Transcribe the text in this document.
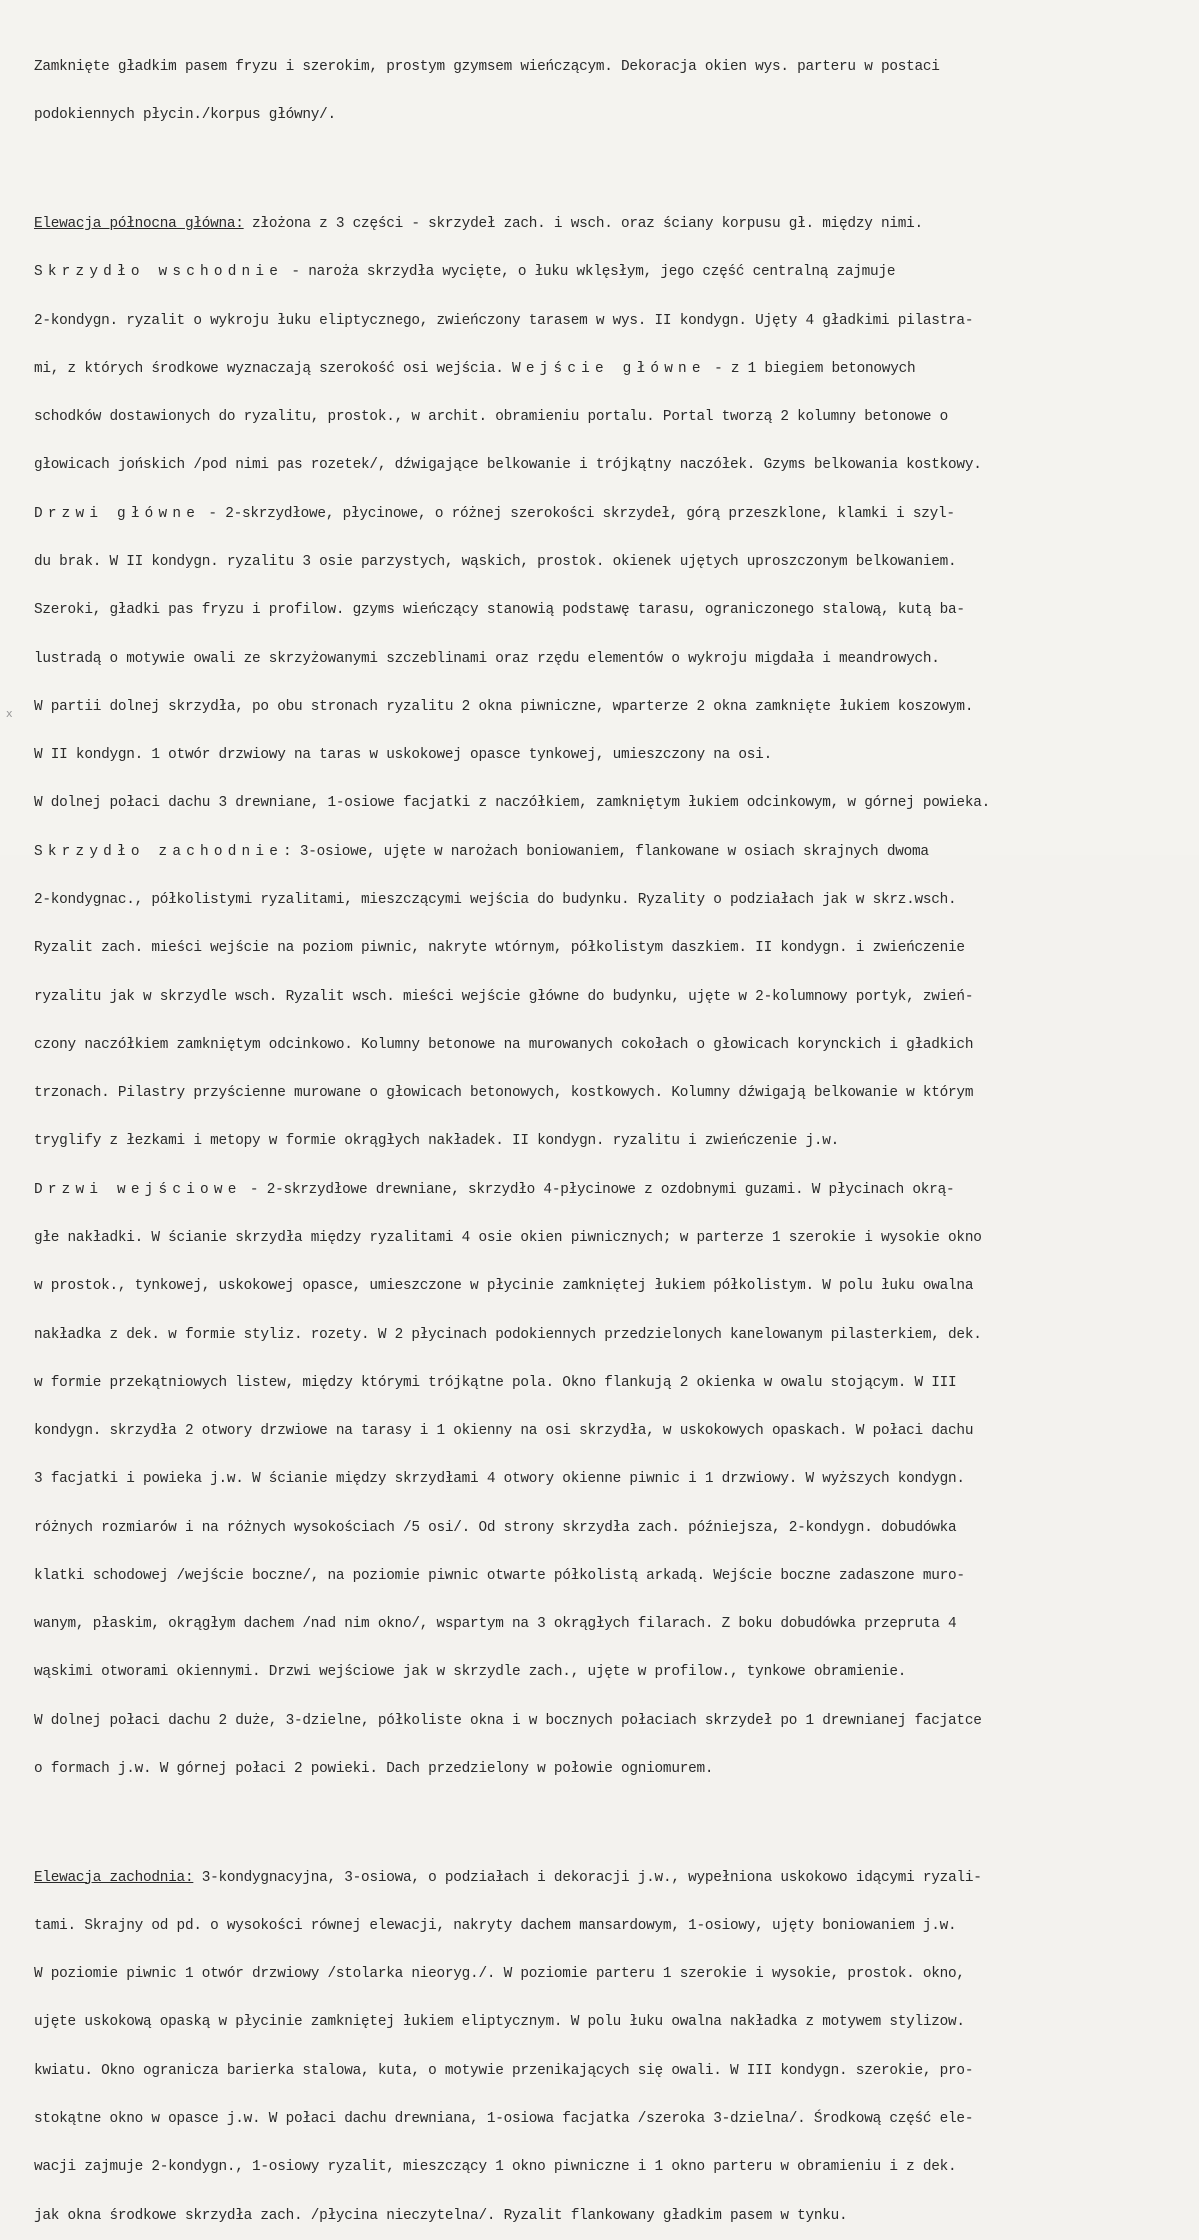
Zamknięte gładkim pasem fryzu i szerokim, prostym gzymsem wieńczącym. Dekoracja okien wys. parteru w postaci

podokiennych płycin./korpus główny/.

Elewacja północna główna: złożona z 3 części - skrzydeł zach. i wsch. oraz ściany korpusu gł. między nimi.

Skrzydło wschodnie - naroża skrzydła wycięte, o łuku wklęsłym, jego część centralną zajmuje

2-kondygn. ryzalit o wykroju łuku eliptycznego, zwieńczony tarasem w wys. II kondygn. Ujęty 4 gładkimi pilastra-

mi, z których środkowe wyznaczają szerokość osi wejścia. Wejście główne - z 1 biegiem betonowych

schodków dostawionych do ryzalitu, prostok., w archit. obramieniu portalu. Portal tworzą 2 kolumny betonowe o

głowicach jońskich /pod nimi pas rozetek/, dźwigające belkowanie i trójkątny naczółek. Gzyms belkowania kostkowy.

Drzwi główne - 2-skrzydłowe, płycinowe, o różnej szerokości skrzydeł, górą przeszklone, klamki i szyl-

du brak. W II kondygn. ryzalitu 3 osie parzystych, wąskich, prostok. okienek ujętych uproszczonym belkowaniem.

Szeroki, gładki pas fryzu i profilow. gzyms wieńczący stanowią podstawę tarasu, ograniczonego stalową, kutą ba-

lustradą o motywie owali ze skrzyżowanymi szczeblinami oraz rzędu elementów o wykroju migdała i meandrowych.

W partii dolnej skrzydła, po obu stronach ryzalitu 2 okna piwniczne, wparterze 2 okna zamknięte łukiem koszowym.

W II kondygn. 1 otwór drzwiowy na taras w uskokowej opasce tynkowej, umieszczony na osi.

W dolnej połaci dachu 3 drewniane, 1-osiowe facjatki z naczółkiem, zamkniętym łukiem odcinkowym, w górnej powieka.

Skrzydło zachodnie: 3-osiowe, ujęte w narożach boniowaniem, flankowane w osiach skrajnych dwoma

2-kondygnac., półkolistymi ryzalitami, mieszczącymi wejścia do budynku. Ryzality o podziałach jak w skrz.wsch.

Ryzalit zach. mieści wejście na poziom piwnic, nakryte wtórnym, półkolistym daszkiem. II kondygn. i zwieńczenie

ryzalitu jak w skrzydle wsch. Ryzalit wsch. mieści wejście główne do budynku, ujęte w 2-kolumnowy portyk, zwień-

czony naczółkiem zamkniętym odcinkowo. Kolumny betonowe na murowanych cokołach o głowicach korynckich i gładkich

trzonach. Pilastry przyścienne murowane o głowicach betonowych, kostkowych. Kolumny dźwigają belkowanie w którym

tryglify z łezkami i metopy w formie okrągłych nakładek. II kondygn. ryzalitu i zwieńczenie j.w.

Drzwi wejściowe - 2-skrzydłowe drewniane, skrzydło 4-płycinowe z ozdobnymi guzami. W płycinach okrą-

głe nakładki. W ścianie skrzydła między ryzalitami 4 osie okien piwnicznych; w parterze 1 szerokie i wysokie okno

w prostok., tynkowej, uskokowej opasce, umieszczone w płycinie zamkniętej łukiem półkolistym. W polu łuku owalna

nakładka z dek. w formie styliz. rozety. W 2 płycinach podokiennych przedzielonych kanelowanym pilasterkiem, dek.

w formie przekątniowych listew, między którymi trójkątne pola. Okno flankują 2 okienka w owalu stojącym. W III

kondygn. skrzydła 2 otwory drzwiowe na tarasy i 1 okienny na osi skrzydła, w uskokowych opaskach. W połaci dachu

3 facjatki i powieka j.w. W ścianie między skrzydłami 4 otwory okienne piwnic i 1 drzwiowy. W wyższych kondygn.

różnych rozmiarów i na różnych wysokościach /5 osi/. Od strony skrzydła zach. późniejsza, 2-kondygn. dobudówka

klatki schodowej /wejście boczne/, na poziomie piwnic otwarte półkolistą arkadą. Wejście boczne zadaszone muro-

wanym, płaskim, okrągłym dachem /nad nim okno/, wspartym na 3 okrągłych filarach. Z boku dobudówka przepruta 4

wąskimi otworami okiennymi. Drzwi wejściowe jak w skrzydle zach., ujęte w profilow., tynkowe obramienie.

W dolnej połaci dachu 2 duże, 3-dzielne, półkoliste okna i w bocznych połaciach skrzydeł po 1 drewnianej facjatce

o formach j.w. W górnej połaci 2 powieki. Dach przedzielony w połowie ogniomurem.

Elewacja zachodnia: 3-kondygnacyjna, 3-osiowa, o podziałach i dekoracji j.w., wypełniona uskokowo idącymi ryzali-

tami. Skrajny od pd. o wysokości równej elewacji, nakryty dachem mansardowym, 1-osiowy, ujęty boniowaniem j.w.

W poziomie piwnic 1 otwór drzwiowy /stolarka nieoryg./. W poziomie parteru 1 szerokie i wysokie, prostok. okno,

ujęte uskokową opaską w płycinie zamkniętej łukiem eliptycznym. W polu łuku owalna nakładka z motywem stylizow.

kwiatu. Okno ogranicza barierka stalowa, kuta, o motywie przenikających się owali. W III kondygn. szerokie, pro-

stokątne okno w opasce j.w. W połaci dachu drewniana, 1-osiowa facjatka /szeroka 3-dzielna/. Środkową część ele-

wacji zajmuje 2-kondygn., 1-osiowy ryzalit, mieszczący 1 okno piwniczne i 1 okno parteru w obramieniu i z dek.

jak okna środkowe skrzydła zach. /płycina nieczytelna/. Ryzalit flankowany gładkim pasem w tynku.

x
